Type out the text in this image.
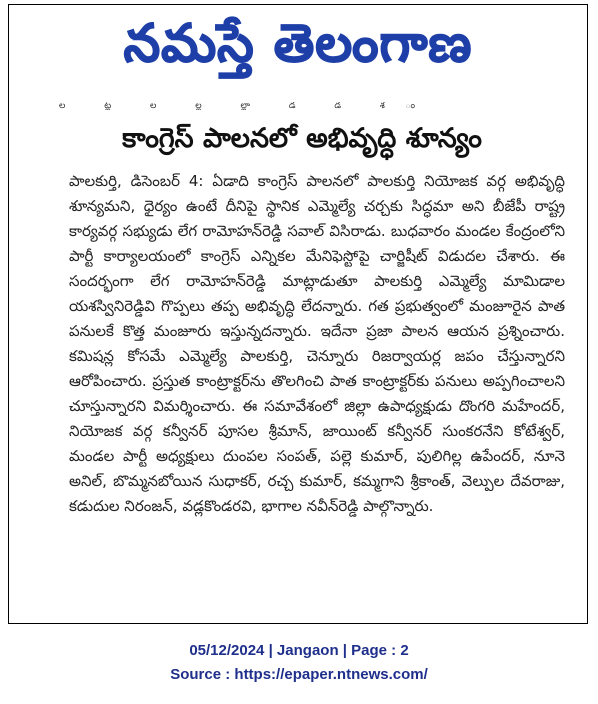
నమస్తే తెలంగాణ
ల ట్ల ల ల్ల ల్లా డ డ శ ం
కాంగ్రెస్ పాలనలో అభివృద్ధి శూన్యం

పాలకుర్తి, డిసెంబర్ 4: ఏడాది కాంగ్రెస్ పాలనలో పాలకుర్తి నియోజక వర్గ అభివృద్ధి శూన్యమని, ధైర్యం ఉంటే దీనిపై స్థానిక ఎమ్మెల్యే చర్చకు సిద్ధమా అని బీజేపీ రాష్ట్ర కార్యవర్గ సభ్యుడు లేగ రామోహన్‌రెడ్డి సవాల్ విసిరాడు. బుధవారం మండల కేంద్రంలోని పార్టీ కార్యాలయంలో కాంగ్రెస్ ఎన్నికల మేనిఫెస్టోపై చార్జిషీట్ విడుదల చేశారు. ఈ సందర్భంగా లేగ రామోహన్‌రెడ్డి మాట్లాడుతూ పాలకుర్తి ఎమ్మెల్యే మామిడాల యశస్వినిరెడ్డివి గొప్పలు తప్ప అభివృద్ధి లేదన్నారు. గత ప్రభుత్వంలో మంజూరైన పాత పనులకే కొత్త మంజూరు ఇస్తున్నదన్నారు. ఇదేనా ప్రజా పాలన ఆయన ప్రశ్నించారు. కమిషన్ల కోసమే ఎమ్మెల్యే పాలకుర్తి, చెన్నూరు రిజర్వాయర్ల జపం చేస్తున్నారని ఆరోపించారు. ప్రస్తుత కాంట్రాక్టర్‌ను తొలగించి పాత కాంట్రాక్టర్‌కు పనులు అప్పగించాలని చూస్తున్నారని విమర్శించారు. ఈ సమావేశంలో జిల్లా ఉపాధ్యక్షుడు దొంగరి మహేందర్, నియోజక వర్గ కన్వీనర్ పూసల శ్రీమాన్, జాయింట్ కన్వీనర్ సుంకరనేని కోటేశ్వర్, మండల పార్టీ అధ్యక్షులు దుంపల సంపత్, పల్లె కుమార్, పులిగిల్ల ఉపేందర్, నూనె అనిల్, బొమ్మనబోయిన సుధాకర్, రచ్చ కుమార్, కమ్మగాని శ్రీకాంత్, వెల్పుల దేవరాజు, కడుదుల నిరంజన్, వడ్లకొండరవి, భాగాల నవీన్‌రెడ్డి పాల్గొన్నారు.

05/12/2024 | Jangaon | Page : 2
Source : https://epaper.ntnews.com/
